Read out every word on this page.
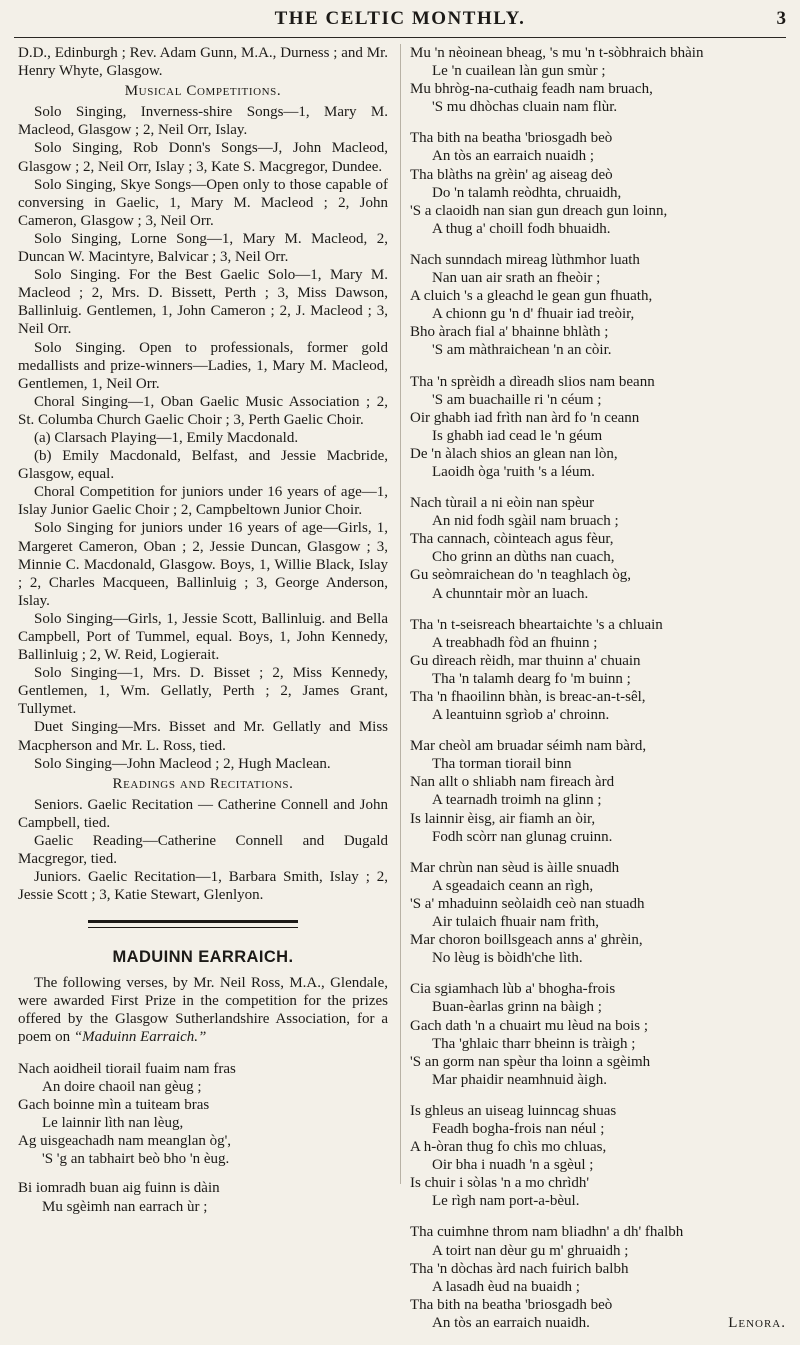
THE CELTIC MONTHLY.	3

D.D., Edinburgh ; Rev. Adam Gunn, M.A., Durness ; and Mr. Henry Whyte, Glasgow.

Musical Competitions.

Solo Singing, Inverness-shire Songs—1, Mary M. Macleod, Glasgow ; 2, Neil Orr, Islay.

Solo Singing, Rob Donn's Songs—J, John Macleod, Glasgow ; 2, Neil Orr, Islay ; 3, Kate S. Macgregor, Dundee.

Solo Singing, Skye Songs—Open only to those capable of conversing in Gaelic, 1, Mary M. Macleod ; 2, John Cameron, Glasgow ; 3, Neil Orr.

Solo Singing, Lorne Song—1, Mary M. Macleod, 2, Duncan W. Macintyre, Balvicar ; 3, Neil Orr.

Solo Singing. For the Best Gaelic Solo—1, Mary M. Macleod ; 2, Mrs. D. Bissett, Perth ; 3, Miss Dawson, Ballinluig. Gentlemen, 1, John Cameron ; 2, J. Macleod ; 3, Neil Orr.

Solo Singing. Open to professionals, former gold medallists and prize-winners—Ladies, 1, Mary M. Macleod, Gentlemen, 1, Neil Orr.

Choral Singing—1, Oban Gaelic Music Association ; 2, St. Columba Church Gaelic Choir ; 3, Perth Gaelic Choir.

(a) Clarsach Playing—1, Emily Macdonald.

(b) Emily Macdonald, Belfast, and Jessie Macbride, Glasgow, equal.

Choral Competition for juniors under 16 years of age—1, Islay Junior Gaelic Choir ; 2, Campbeltown Junior Choir.

Solo Singing for juniors under 16 years of age—Girls, 1, Margeret Cameron, Oban ; 2, Jessie Duncan, Glasgow ; 3, Minnie C. Macdonald, Glasgow. Boys, 1, Willie Black, Islay ; 2, Charles Macqueen, Ballinluig ; 3, George Anderson, Islay.

Solo Singing—Girls, 1, Jessie Scott, Ballinluig. and Bella Campbell, Port of Tummel, equal. Boys, 1, John Kennedy, Ballinluig ; 2, W. Reid, Logierait.

Solo Singing—1, Mrs. D. Bisset ; 2, Miss Kennedy, Gentlemen, 1, Wm. Gellatly, Perth ; 2, James Grant, Tullymet.

Duet Singing—Mrs. Bisset and Mr. Gellatly and Miss Macpherson and Mr. L. Ross, tied.

Solo Singing—John Macleod ; 2, Hugh Maclean.

Readings and Recitations.

Seniors. Gaelic Recitation — Catherine Connell and John Campbell, tied.

Gaelic Reading—Catherine Connell and Dugald Macgregor, tied.

Juniors. Gaelic Recitation—1, Barbara Smith, Islay ; 2, Jessie Scott ; 3, Katie Stewart, Glenlyon.

MADUINN EARRAICH.

The following verses, by Mr. Neil Ross, M.A., Glendale, were awarded First Prize in the competition for the prizes offered by the Glasgow Sutherlandshire Association, for a poem on “Maduinn Earraich.”

Nach aoidheil tiorail fuaim nam fras
An doire chaoil nan gèug ;
Gach boinne mìn a tuiteam bras
Le lainnir lìth nan lèug,
Ag uisgeachadh nam meanglan òg',
'S 'g an tabhairt beò bho 'n èug.
Bi iomradh buan aig fuinn is dàin
Mu sgèimh nan earrach ùr ;
Mu 'n nèoinean bheag, 's mu 'n t-sòbhraich bhàin
Le 'n cuailean làn gun smùr ;
Mu bhròg-na-cuthaig feadh nam bruach,
'S mu dhòchas cluain nam flùr.
Tha bith na beatha 'briosgadh beò
An tòs an earraich nuaidh ;
Tha blàths na grèin' ag aiseag deò
Do 'n talamh reòdhta, chruaidh,
'S a claoidh nan sian gun dreach gun loinn,
A thug a' choill fodh bhuaidh.
Nach sunndach mireag lùthmhor luath
Nan uan air srath an fheòir ;
A cluich 's a gleachd le gean gun fhuath,
A chionn gu 'n d' fhuair iad treòir,
Bho àrach fial a' bhainne bhlàth ;
'S am màthraichean 'n an còir.
Tha 'n sprèidh a dìreadh slios nam beann
'S am buachaille ri 'n céum ;
Oir ghabh iad frìth nan àrd fo 'n ceann
Is ghabh iad cead le 'n géum
De 'n àlach shios an glean nan lòn,
Laoidh òga 'ruith 's a léum.
Nach tùrail a ni eòin nan spèur
An nid fodh sgàil nam bruach ;
Tha cannach, còinteach agus fèur,
Cho grinn an dùths nan cuach,
Gu seòmraichean do 'n teaghlach òg,
A chunntair mòr an luach.
Tha 'n t-seisreach bheartaichte 's a chluain
A treabhadh fòd an fhuinn ;
Gu dìreach rèidh, mar thuinn a' chuain
Tha 'n talamh dearg fo 'm buinn ;
Tha 'n fhaoilinn bhàn, is breac-an-t-sêl,
A leantuinn sgrìob a' chroinn.
Mar cheòl am bruadar séimh nam bàrd,
Tha torman tiorail binn
Nan allt o shliabh nam fireach àrd
A tearnadh troimh na glinn ;
Is lainnir èisg, air fiamh an òir,
Fodh scòrr nan glunag cruinn.
Mar chrùn nan sèud is àille snuadh
A sgeadaich ceann an rìgh,
'S a' mhaduinn seòlaidh ceò nan stuadh
Air tulaich fhuair nam frìth,
Mar choron boillsgeach anns a' ghrèin,
No lèug is bòidh'che lìth.
Cia sgiamhach lùb a' bhogha-frois
Buan-èarlas grinn na bàigh ;
Gach dath 'n a chuairt mu lèud na bois ;
Tha 'ghlaic tharr bheinn is tràigh ;
'S an gorm nan spèur tha loinn a sgèimh
Mar phaidir neamhnuid àigh.
Is ghleus an uiseag luinncag shuas
Feadh bogha-frois nan néul ;
A h-òran thug fo chìs mo chluas,
Oir bha i nuadh 'n a sgèul ;
Is chuir i sòlas 'n a mo chrìdh'
Le rìgh nam port-a-bèul.
Tha cuimhne throm nam bliadhn' a dh' fhalbh
A toirt nan dèur gu m' ghruaidh ;
Tha 'n dòchas àrd nach fuirich balbh
A lasadh èud na buaidh ;
Tha bith na beatha 'briosgadh beò
An tòs an earraich nuaidh.	Lenora.
